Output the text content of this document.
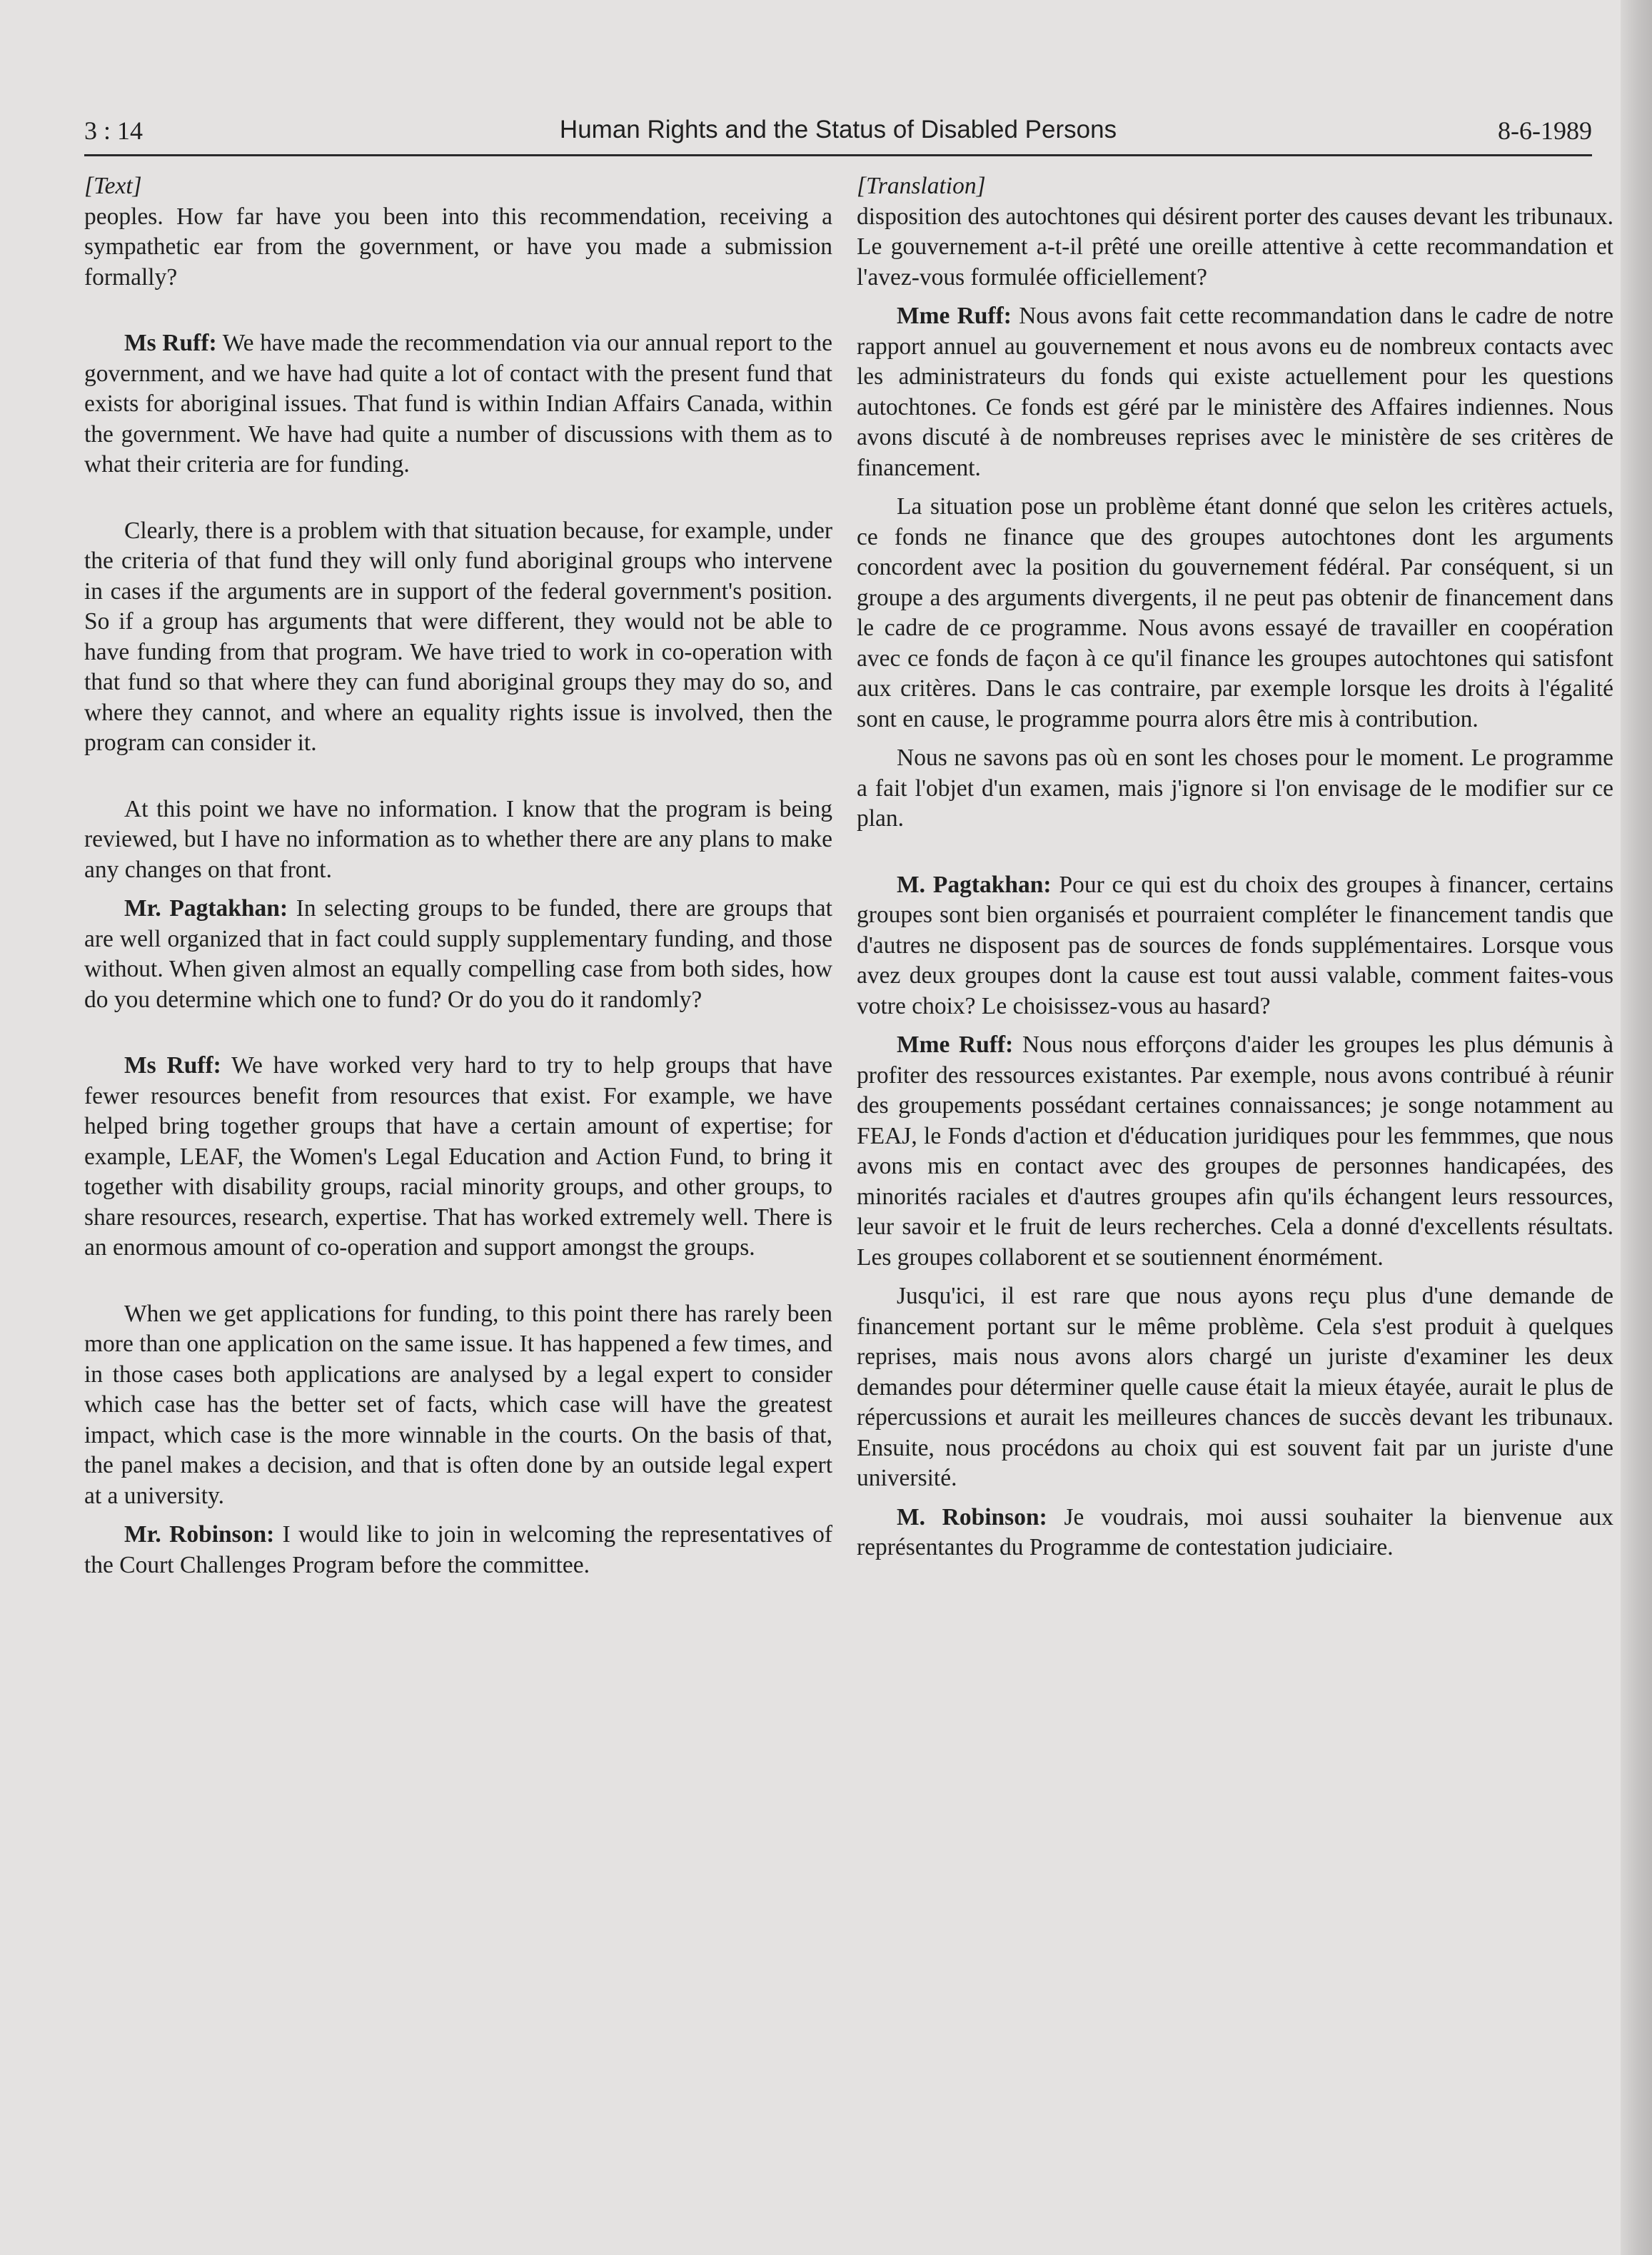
3 : 14	Human Rights and the Status of Disabled Persons	8-6-1989

[Text]

peoples. How far have you been into this recommendation, receiving a sympathetic ear from the government, or have you made a submission formally?

Ms Ruff: We have made the recommendation via our annual report to the government, and we have had quite a lot of contact with the present fund that exists for aboriginal issues. That fund is within Indian Affairs Canada, within the government. We have had quite a number of discussions with them as to what their criteria are for funding.

Clearly, there is a problem with that situation because, for example, under the criteria of that fund they will only fund aboriginal groups who intervene in cases if the arguments are in support of the federal government's position. So if a group has arguments that were different, they would not be able to have funding from that program. We have tried to work in co-operation with that fund so that where they can fund aboriginal groups they may do so, and where they cannot, and where an equality rights issue is involved, then the program can consider it.

At this point we have no information. I know that the program is being reviewed, but I have no information as to whether there are any plans to make any changes on that front.

Mr. Pagtakhan: In selecting groups to be funded, there are groups that are well organized that in fact could supply supplementary funding, and those without. When given almost an equally compelling case from both sides, how do you determine which one to fund? Or do you do it randomly?

Ms Ruff: We have worked very hard to try to help groups that have fewer resources benefit from resources that exist. For example, we have helped bring together groups that have a certain amount of expertise; for example, LEAF, the Women's Legal Education and Action Fund, to bring it together with disability groups, racial minority groups, and other groups, to share resources, research, expertise. That has worked extremely well. There is an enormous amount of co-operation and support amongst the groups.

When we get applications for funding, to this point there has rarely been more than one application on the same issue. It has happened a few times, and in those cases both applications are analysed by a legal expert to consider which case has the better set of facts, which case will have the greatest impact, which case is the more winnable in the courts. On the basis of that, the panel makes a decision, and that is often done by an outside legal expert at a university.

Mr. Robinson: I would like to join in welcoming the representatives of the Court Challenges Program before the committee.

[Translation]

disposition des autochtones qui désirent porter des causes devant les tribunaux. Le gouvernement a-t-il prêté une oreille attentive à cette recommandation et l'avez-vous formulée officiellement?

Mme Ruff: Nous avons fait cette recommandation dans le cadre de notre rapport annuel au gouvernement et nous avons eu de nombreux contacts avec les administrateurs du fonds qui existe actuellement pour les questions autochtones. Ce fonds est géré par le ministère des Affaires indiennes. Nous avons discuté à de nombreuses reprises avec le ministère de ses critères de financement.

La situation pose un problème étant donné que selon les critères actuels, ce fonds ne finance que des groupes autochtones dont les arguments concordent avec la position du gouvernement fédéral. Par conséquent, si un groupe a des arguments divergents, il ne peut pas obtenir de financement dans le cadre de ce programme. Nous avons essayé de travailler en coopération avec ce fonds de façon à ce qu'il finance les groupes autochtones qui satisfont aux critères. Dans le cas contraire, par exemple lorsque les droits à l'égalité sont en cause, le programme pourra alors être mis à contribution.

Nous ne savons pas où en sont les choses pour le moment. Le programme a fait l'objet d'un examen, mais j'ignore si l'on envisage de le modifier sur ce plan.

M. Pagtakhan: Pour ce qui est du choix des groupes à financer, certains groupes sont bien organisés et pourraient compléter le financement tandis que d'autres ne disposent pas de sources de fonds supplémentaires. Lorsque vous avez deux groupes dont la cause est tout aussi valable, comment faites-vous votre choix? Le choisissez-vous au hasard?

Mme Ruff: Nous nous efforçons d'aider les groupes les plus démunis à profiter des ressources existantes. Par exemple, nous avons contribué à réunir des groupements possédant certaines connaissances; je songe notamment au FEAJ, le Fonds d'action et d'éducation juridiques pour les femmmes, que nous avons mis en contact avec des groupes de personnes handicapées, des minorités raciales et d'autres groupes afin qu'ils échangent leurs ressources, leur savoir et le fruit de leurs recherches. Cela a donné d'excellents résultats. Les groupes collaborent et se soutiennent énormément.

Jusqu'ici, il est rare que nous ayons reçu plus d'une demande de financement portant sur le même problème. Cela s'est produit à quelques reprises, mais nous avons alors chargé un juriste d'examiner les deux demandes pour déterminer quelle cause était la mieux étayée, aurait le plus de répercussions et aurait les meilleures chances de succès devant les tribunaux. Ensuite, nous procédons au choix qui est souvent fait par un juriste d'une université.

M. Robinson: Je voudrais, moi aussi souhaiter la bienvenue aux représentantes du Programme de contestation judiciaire.
